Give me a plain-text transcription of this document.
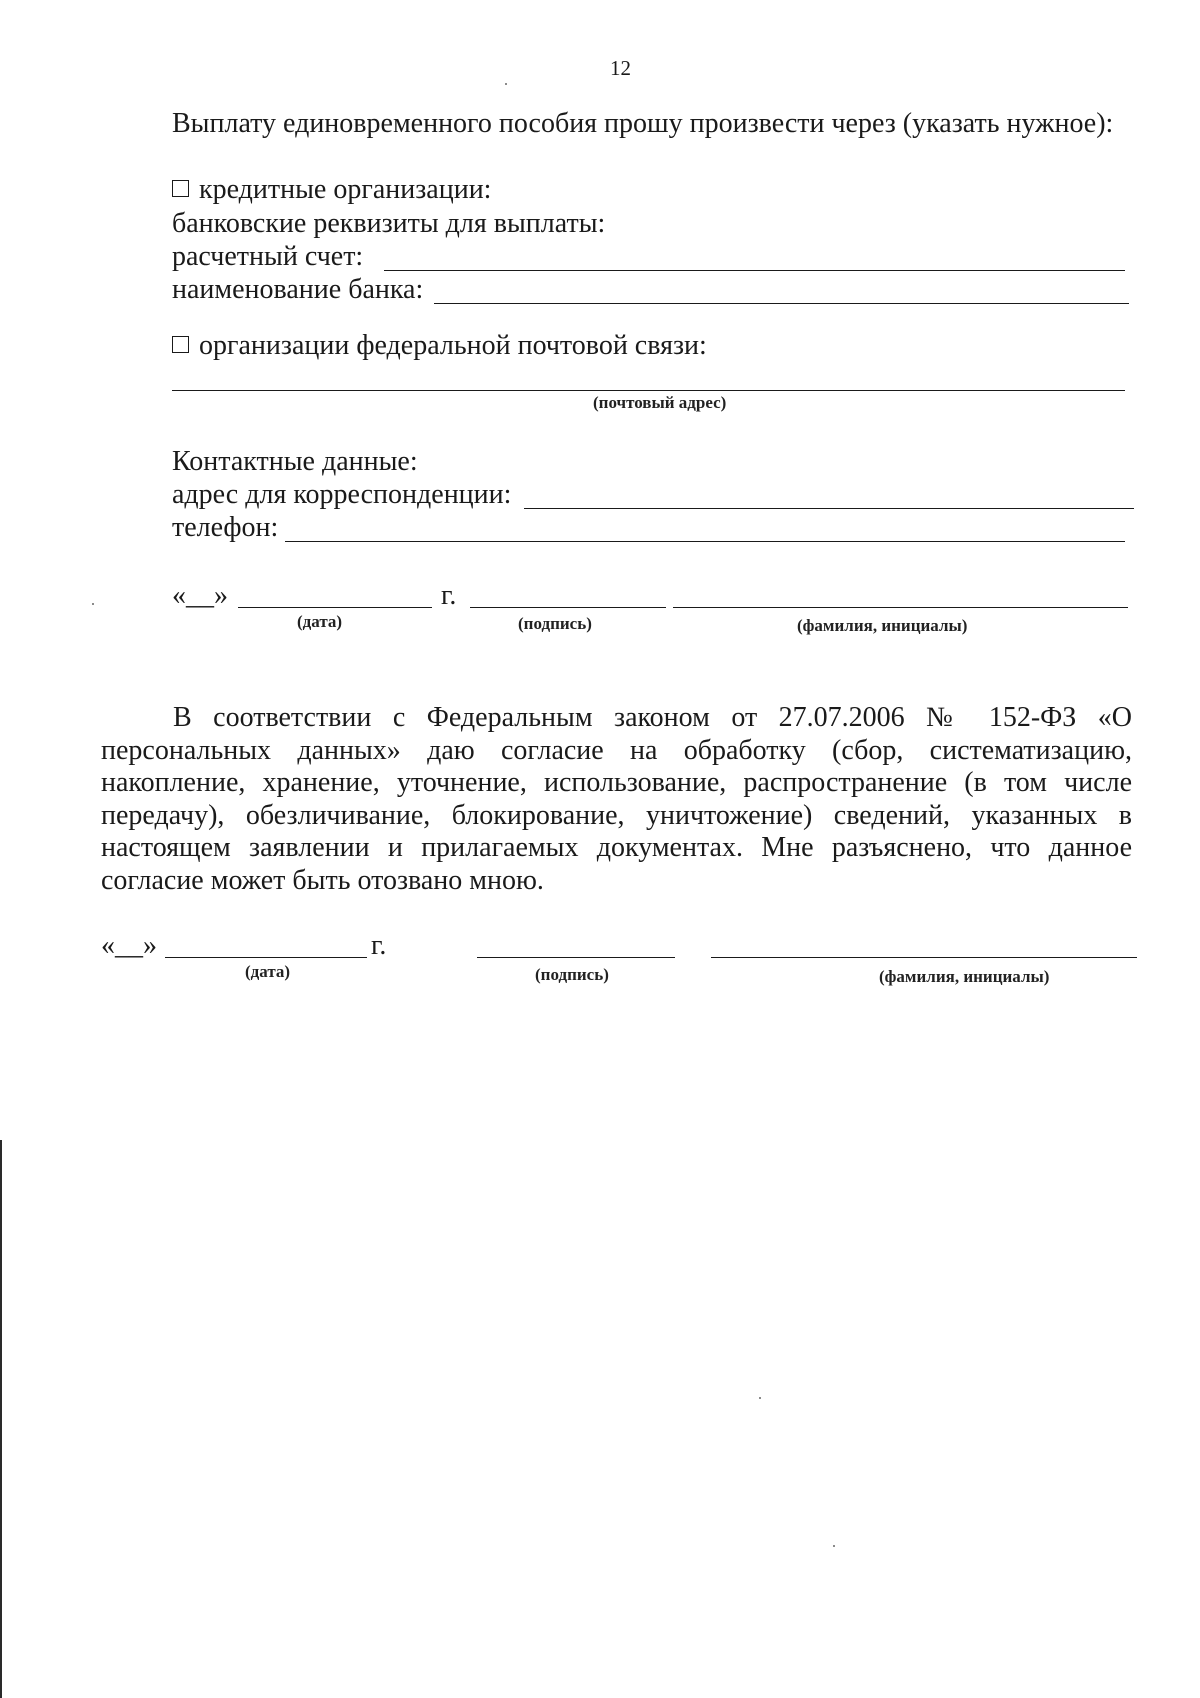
12
Выплату единовременного пособия прошу произвести через (указать нужное):
кредитные организации:
банковские реквизиты для выплаты:
расчетный счет:
наименование банка:
организации федеральной почтовой связи:
(почтовый адрес)
Контактные данные:
адрес для корреспонденции:
телефон:
«__»	г.
(дата)	(подпись)	(фамилия, инициалы)
В соответствии с Федеральным законом от 27.07.2006 № 152-ФЗ «О
персональных данных» даю согласие на обработку (сбор, систематизацию,
накопление, хранение, уточнение, использование, распространение (в том числе
передачу), обезличивание, блокирование, уничтожение) сведений, указанных в
настоящем заявлении и прилагаемых документах. Мне разъяснено, что данное
согласие может быть отозвано мною.
«__»	г.
(дата)	(подпись)	(фамилия, инициалы)
